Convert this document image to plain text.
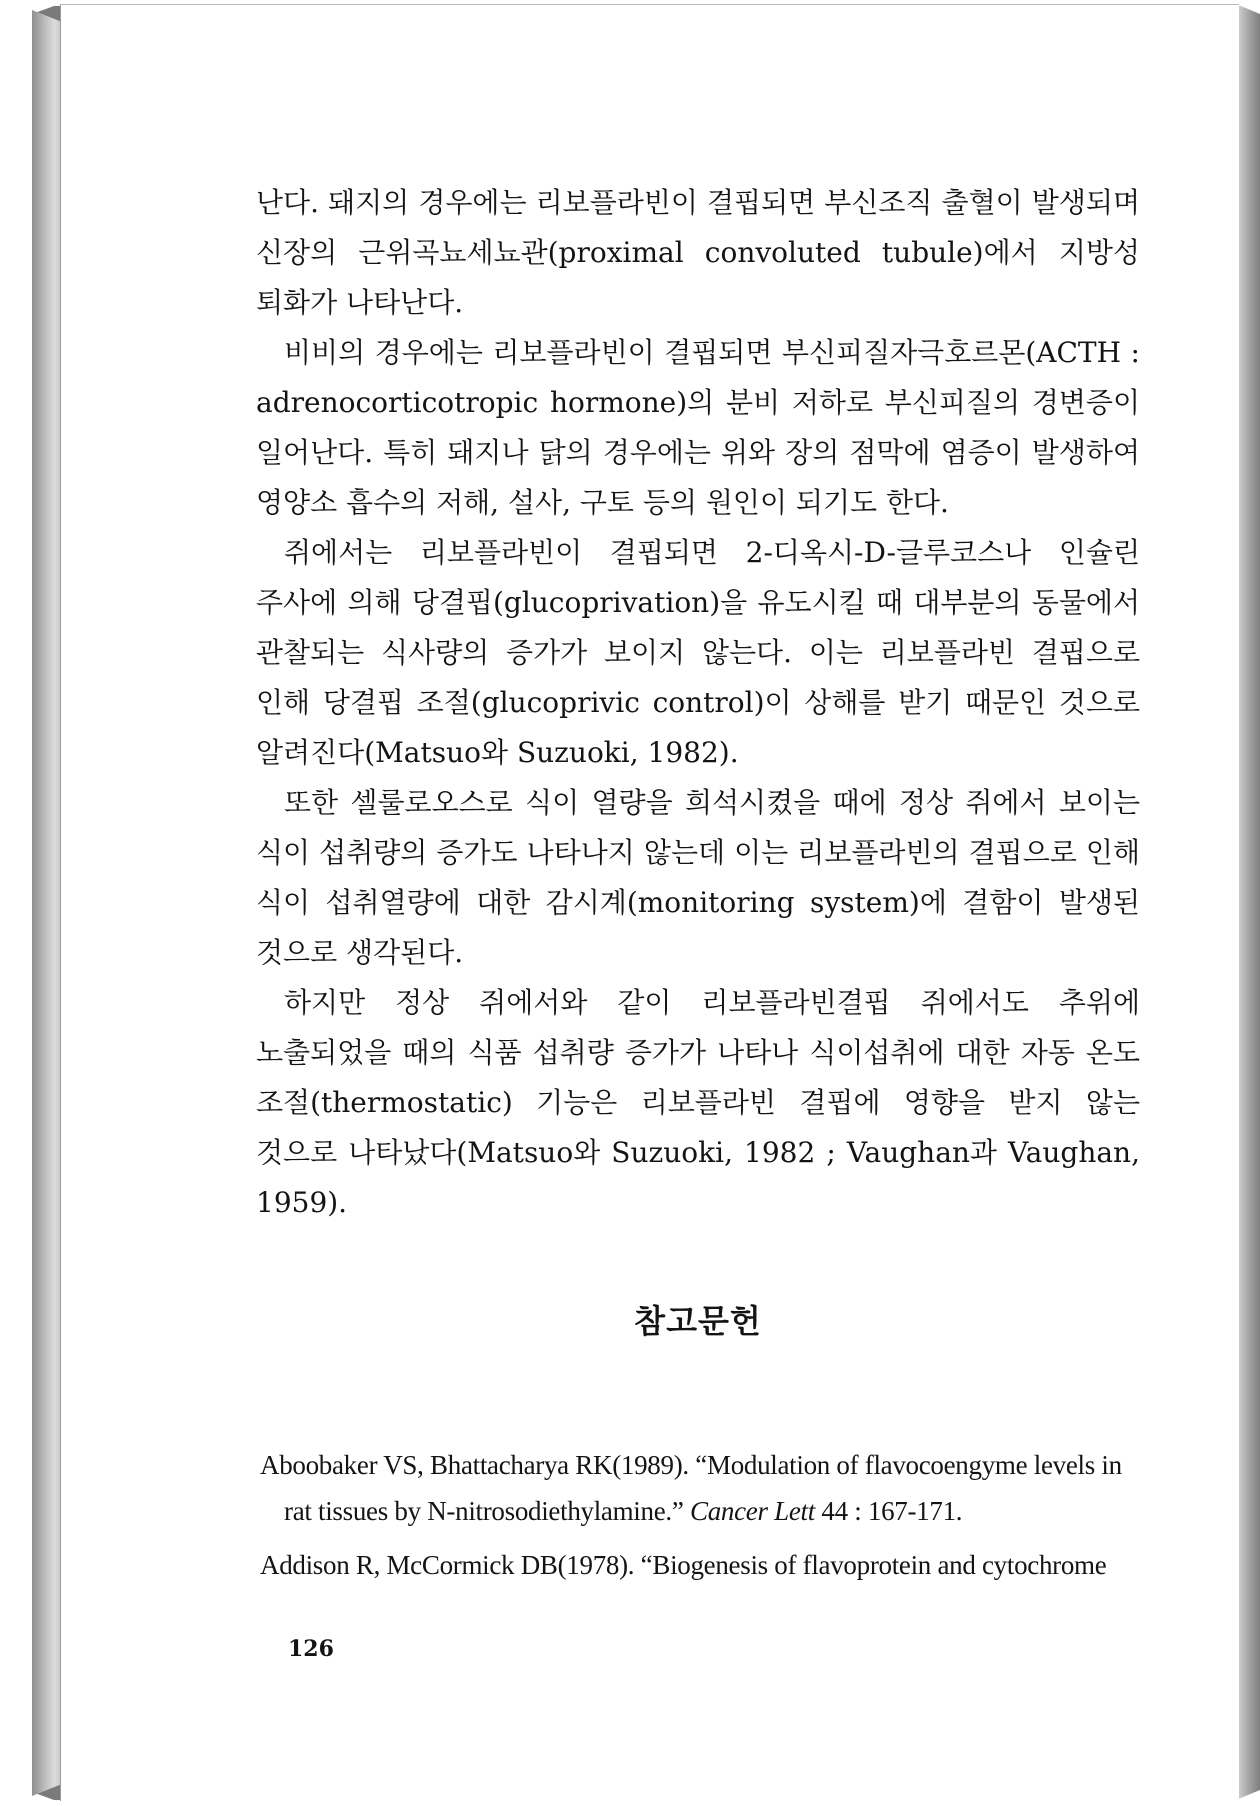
난다. 돼지의 경우에는 리보플라빈이 결핍되면 부신조직 출혈이 발생되며 신장의 근위곡뇨세뇨관(proximal convoluted tubule)에서 지방성 퇴화가 나타난다.

비비의 경우에는 리보플라빈이 결핍되면 부신피질자극호르몬(ACTH : adrenocorticotropic hormone)의 분비 저하로 부신피질의 경변증이 일어난다. 특히 돼지나 닭의 경우에는 위와 장의 점막에 염증이 발생하여 영양소 흡수의 저해, 설사, 구토 등의 원인이 되기도 한다.

쥐에서는 리보플라빈이 결핍되면 2-디옥시-D-글루코스나 인슐린 주사에 의해 당결핍(glucoprivation)을 유도시킬 때 대부분의 동물에서 관찰되는 식사량의 증가가 보이지 않는다. 이는 리보플라빈 결핍으로 인해 당결핍 조절(glucoprivic control)이 상해를 받기 때문인 것으로 알려진다(Matsuo와 Suzuoki, 1982).

또한 셀룰로오스로 식이 열량을 희석시켰을 때에 정상 쥐에서 보이는 식이 섭취량의 증가도 나타나지 않는데 이는 리보플라빈의 결핍으로 인해 식이 섭취열량에 대한 감시계(monitoring system)에 결함이 발생된 것으로 생각된다.

하지만 정상 쥐에서와 같이 리보플라빈결핍 쥐에서도 추위에 노출되었을 때의 식품 섭취량 증가가 나타나 식이섭취에 대한 자동 온도 조절(thermostatic) 기능은 리보플라빈 결핍에 영향을 받지 않는 것으로 나타났다(Matsuo와 Suzuoki, 1982 ; Vaughan과 Vaughan, 1959).

참고문헌

Aboobaker VS, Bhattacharya RK(1989). “Modulation of flavocoengyme levels in rat tissues by N-nitrosodiethylamine.” Cancer Lett 44 : 167-171.

Addison R, McCormick DB(1978). “Biogenesis of flavoprotein and cytochrome

126
